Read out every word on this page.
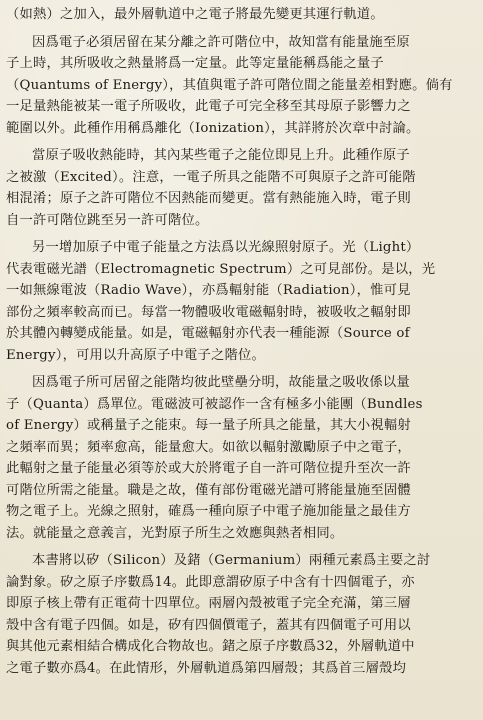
（如熱）之加入，最外層軌道中之電子將最先變更其運行軌道。
因爲電子必須居留在某分離之許可階位中，故知當有能量施至原
子上時，其所吸收之熱量將爲一定量。此等定量能稱爲能之量子
（Quantums of Energy），其值與電子許可階位間之能量差相對應。倘有
一足量熱能被某一電子所吸收，此電子可完全移至其母原子影響力之
範圍以外。此種作用稱爲離化（Ionization），其詳將於次章中討論。
當原子吸收熱能時，其內某些電子之能位即見上升。此種作原子
之被激（Excited）。注意，一電子所具之能階不可與原子之許可能階
相混淆；原子之許可階位不因熱能而變更。當有熱能施入時，電子則
自一許可階位跳至另一許可階位。
另一增加原子中電子能量之方法爲以光線照射原子。光（Light）
代表電磁光譜（Electromagnetic Spectrum）之可見部份。是以，光
一如無線電波（Radio Wave），亦爲輻射能（Radiation），惟可見
部份之頻率較高而已。每當一物體吸收電磁輻射時，被吸收之輻射即
於其體內轉變成能量。如是，電磁輻射亦代表一種能源（Source of
Energy），可用以升高原子中電子之階位。
因爲電子所可居留之能階均彼此壁壘分明，故能量之吸收係以量
子（Quanta）爲單位。電磁波可被認作一含有極多小能團（Bundles
of Energy）或稱量子之能束。每一量子所具之能量，其大小視輻射
之頻率而異；頻率愈高，能量愈大。如欲以輻射激勵原子中之電子，
此輻射之量子能量必須等於或大於將電子自一許可階位提升至次一許
可階位所需之能量。職是之故，僅有部份電磁光譜可將能量施至固體
物之電子上。光線之照射，確爲一種向原子中電子施加能量之最佳方
法。就能量之意義言，光對原子所生之效應與熱者相同。
本書將以矽（Silicon）及鍺（Germanium）兩種元素爲主要之討
論對象。矽之原子序數爲14。此即意謂矽原子中含有十四個電子，亦
即原子核上帶有正電荷十四單位。兩層內殼被電子完全充滿，第三層
殼中含有電子四個。如是，矽有四個價電子，蓋其有四個電子可用以
與其他元素相結合構成化合物故也。鍺之原子序數爲32，外層軌道中
之電子數亦爲4。在此情形，外層軌道爲第四層殼；其爲首三層殼均
